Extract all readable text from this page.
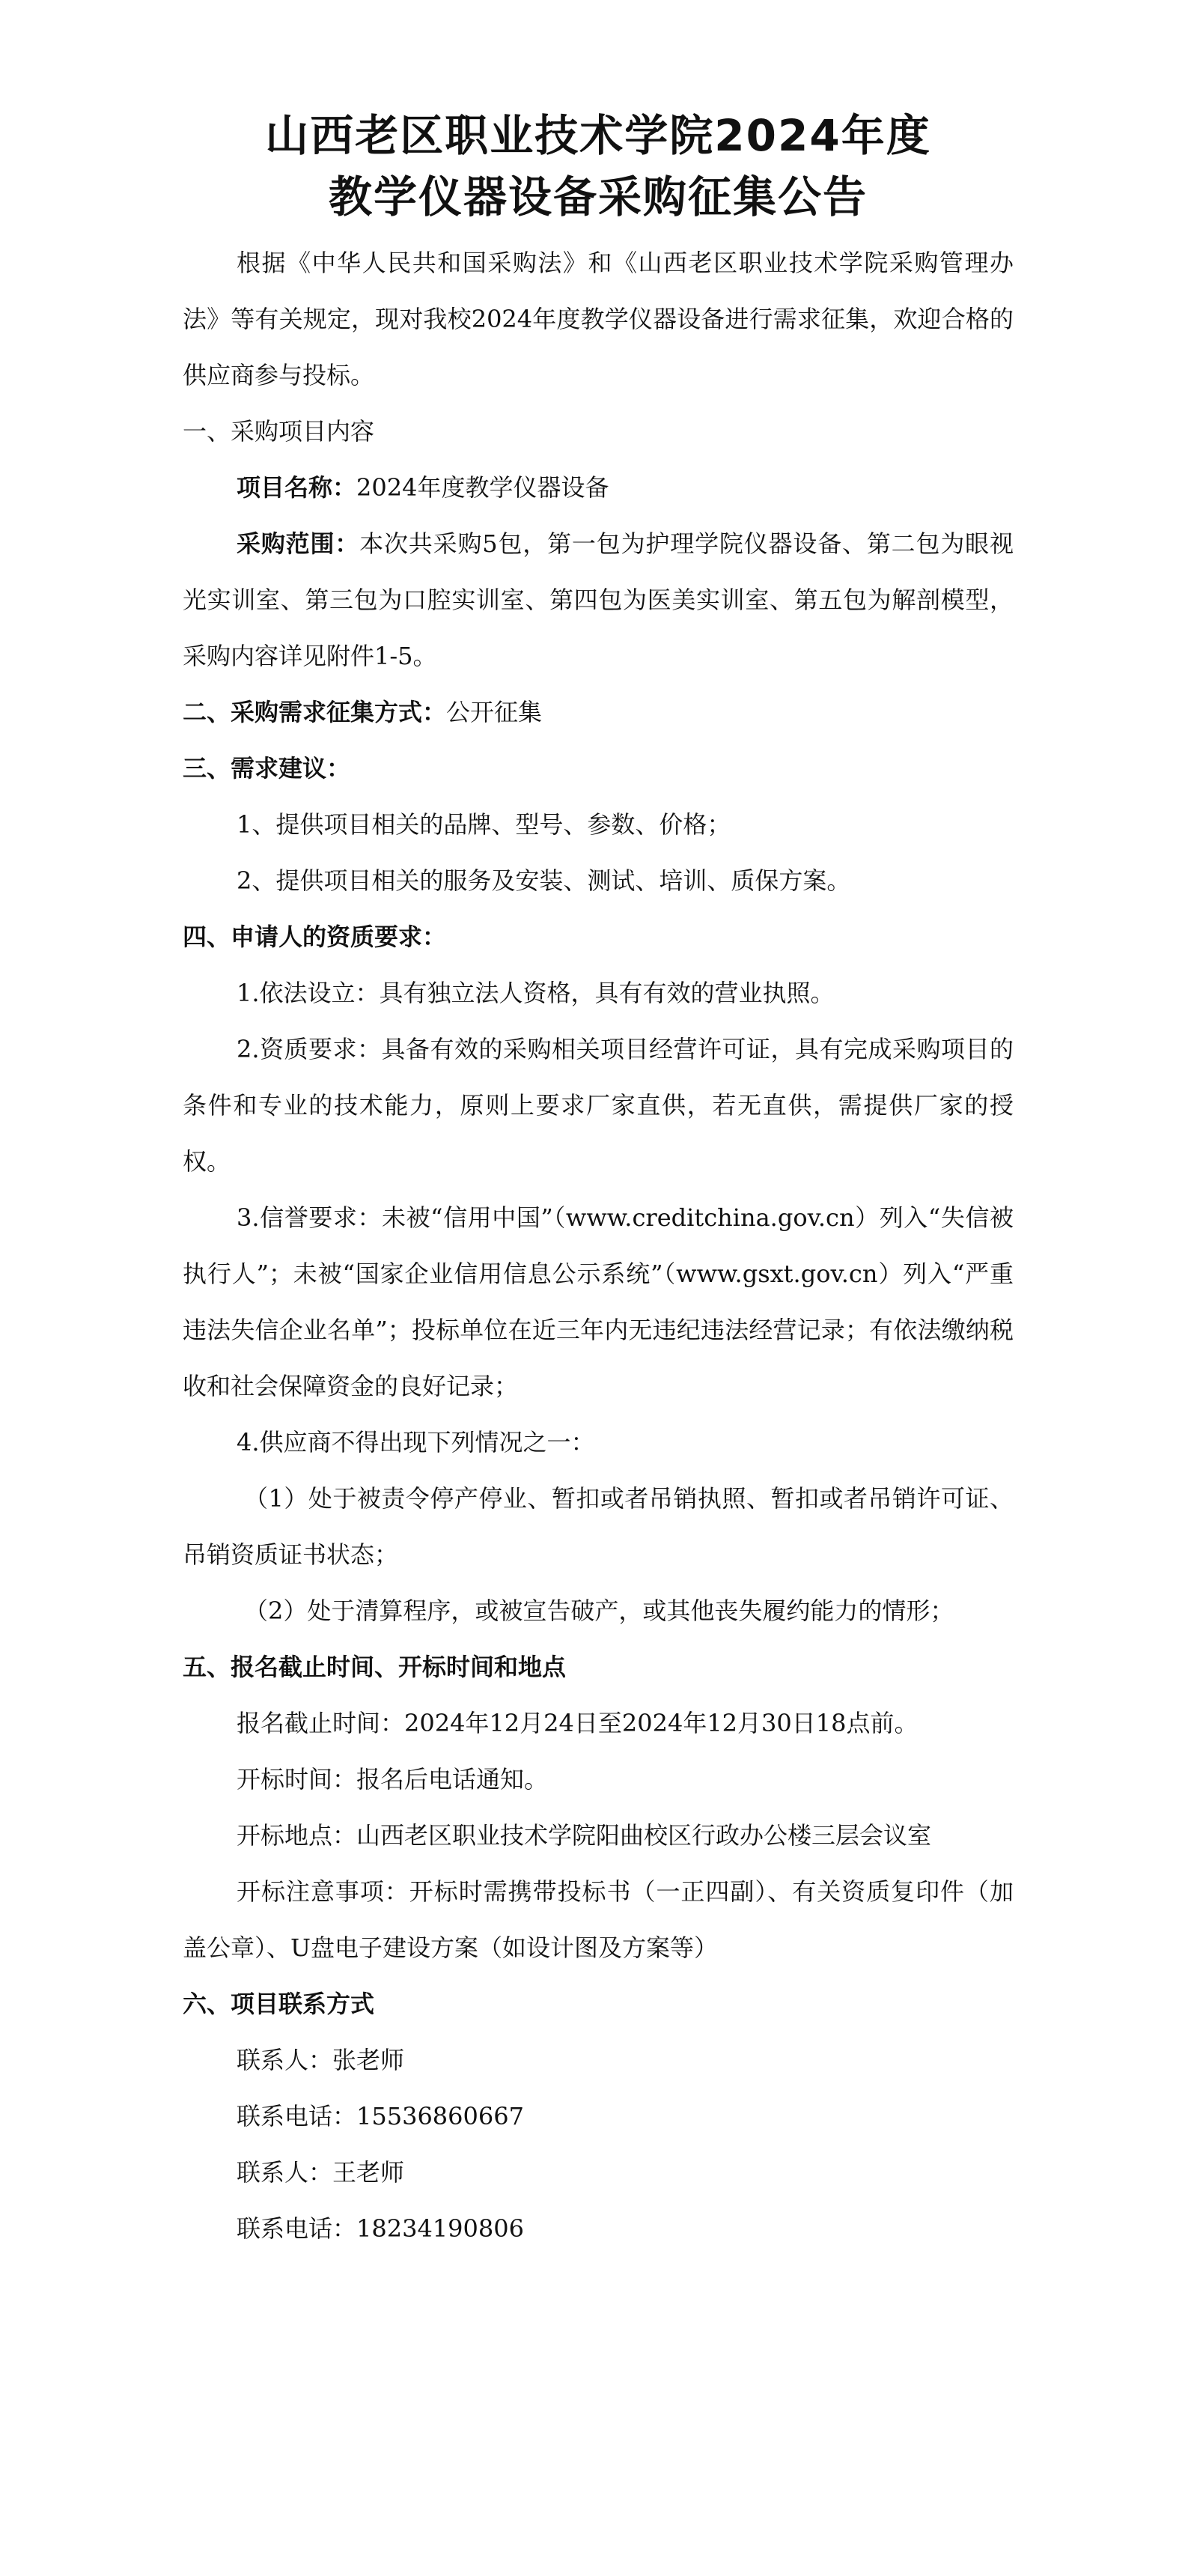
山西老区职业技术学院2024年度
教学仪器设备采购征集公告

根据《中华人民共和国采购法》和《山西老区职业技术学院采购管理办法》等有关规定，现对我校2024年度教学仪器设备进行需求征集，欢迎合格的供应商参与投标。

一、采购项目内容

项目名称：2024年度教学仪器设备

采购范围：本次共采购5包，第一包为护理学院仪器设备、第二包为眼视光实训室、第三包为口腔实训室、第四包为医美实训室、第五包为解剖模型，采购内容详见附件1-5。

二、采购需求征集方式：公开征集

三、需求建议：

1、提供项目相关的品牌、型号、参数、价格；

2、提供项目相关的服务及安装、测试、培训、质保方案。

四、申请人的资质要求：

1.依法设立：具有独立法人资格，具有有效的营业执照。

2.资质要求：具备有效的采购相关项目经营许可证，具有完成采购项目的条件和专业的技术能力，原则上要求厂家直供，若无直供，需提供厂家的授权。

3.信誉要求：未被“信用中国”（www.creditchina.gov.cn）列入“失信被执行人”；未被“国家企业信用信息公示系统”（www.gsxt.gov.cn）列入“严重违法失信企业名单”；投标单位在近三年内无违纪违法经营记录；有依法缴纳税收和社会保障资金的良好记录；

4.供应商不得出现下列情况之一：

（1）处于被责令停产停业、暂扣或者吊销执照、暂扣或者吊销许可证、吊销资质证书状态；

（2）处于清算程序，或被宣告破产，或其他丧失履约能力的情形；

五、报名截止时间、开标时间和地点

报名截止时间：2024年12月24日至2024年12月30日18点前。

开标时间：报名后电话通知。

开标地点：山西老区职业技术学院阳曲校区行政办公楼三层会议室

开标注意事项：开标时需携带投标书（一正四副）、有关资质复印件（加盖公章）、U盘电子建设方案（如设计图及方案等）

六、项目联系方式

联系人：张老师

联系电话：15536860667

联系人：王老师

联系电话：18234190806
